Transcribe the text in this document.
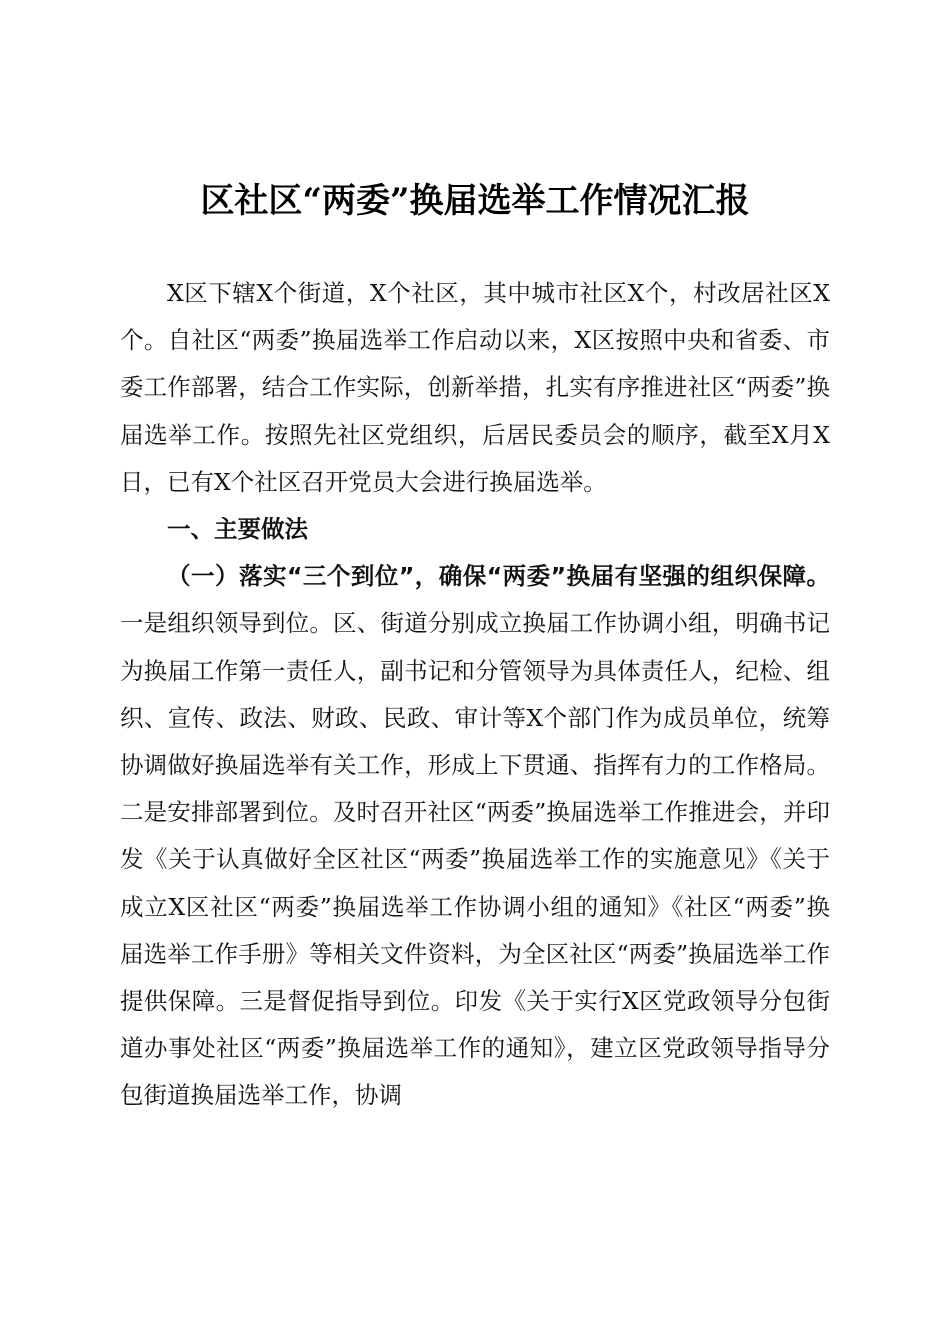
区社区“两委”换届选举工作情况汇报

X区下辖X个街道，X个社区，其中城市社区X个，村改居社区X个。自社区“两委”换届选举工作启动以来，X区按照中央和省委、市委工作部署，结合工作实际，创新举措，扎实有序推进社区“两委”换届选举工作。按照先社区党组织，后居民委员会的顺序，截至X月X日，已有X个社区召开党员大会进行换届选举。

一、主要做法

（一）落实“三个到位”，确保“两委”换届有坚强的组织保障。一是组织领导到位。区、街道分别成立换届工作协调小组，明确书记为换届工作第一责任人，副书记和分管领导为具体责任人，纪检、组织、宣传、政法、财政、民政、审计等X个部门作为成员单位，统筹协调做好换届选举有关工作，形成上下贯通、指挥有力的工作格局。二是安排部署到位。及时召开社区“两委”换届选举工作推进会，并印发《关于认真做好全区社区“两委”换届选举工作的实施意见》《关于成立X区社区“两委”换届选举工作协调小组的通知》《社区“两委”换届选举工作手册》等相关文件资料，为全区社区“两委”换届选举工作提供保障。三是督促指导到位。印发《关于实行X区党政领导分包街道办事处社区“两委”换届选举工作的通知》，建立区党政领导指导分包街道换届选举工作，协调
